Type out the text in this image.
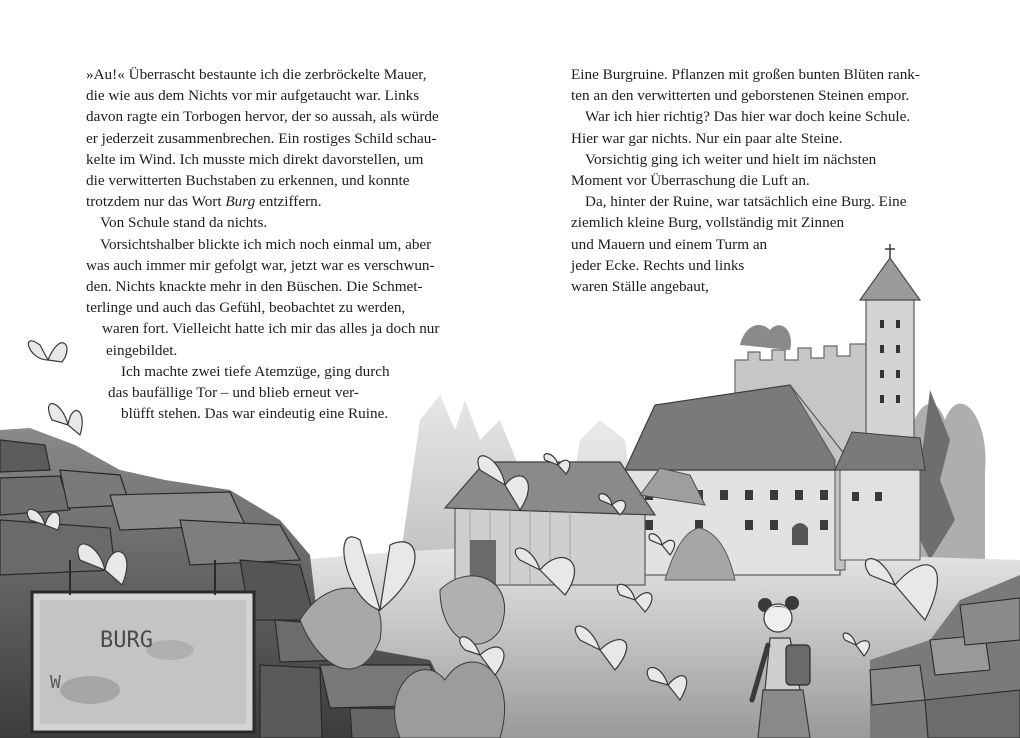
BURG
W
»Au!« Überrascht bestaunte ich die zerbröckelte Mauer,
die wie aus dem Nichts vor mir aufgetaucht war. Links
davon ragte ein Torbogen hervor, der so aussah, als würde
er jederzeit zusammenbrechen. Ein rostiges Schild schau-
kelte im Wind. Ich musste mich direkt davorstellen, um
die verwitterten Buchstaben zu erkennen, und konnte
trotzdem nur das Wort Burg entziffern.
Von Schule stand da nichts.
Vorsichtshalber blickte ich mich noch einmal um, aber
was auch immer mir gefolgt war, jetzt war es verschwun-
den. Nichts knackte mehr in den Büschen. Die Schmet-
terlinge und auch das Gefühl, beobachtet zu werden,
waren fort. Vielleicht hatte ich mir das alles ja doch nur
eingebildet.
Ich machte zwei tiefe Atemzüge, ging durch
das baufällige Tor – und blieb erneut ver-
blüfft stehen. Das war eindeutig eine Ruine.
Eine Burgruine. Pflanzen mit großen bunten Blüten rank-
ten an den verwitterten und geborstenen Steinen empor.
War ich hier richtig? Das hier war doch keine Schule.
Hier war gar nichts. Nur ein paar alte Steine.
Vorsichtig ging ich weiter und hielt im nächsten
Moment vor Überraschung die Luft an.
Da, hinter der Ruine, war tatsächlich eine Burg. Eine
ziemlich kleine Burg, vollständig mit Zinnen
und Mauern und einem Turm an
jeder Ecke. Rechts und links
waren Ställe angebaut,
